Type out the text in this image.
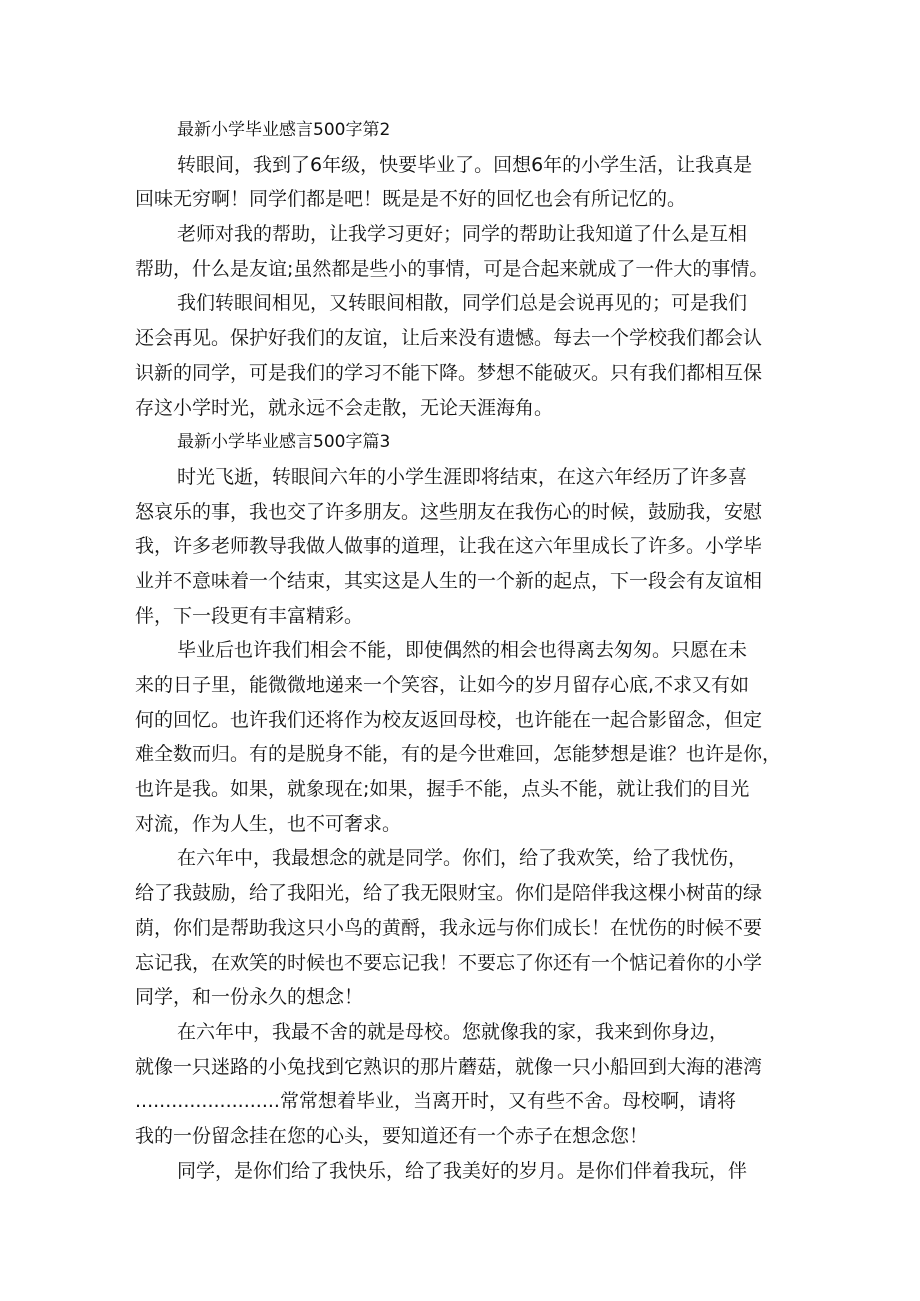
最新小学毕业感言500字第2
转眼间，我到了6年级，快要毕业了。回想6年的小学生活，让我真是
回味无穷啊！同学们都是吧！既是是不好的回忆也会有所记忆的。
老师对我的帮助，让我学习更好；同学的帮助让我知道了什么是互相
帮助，什么是友谊;虽然都是些小的事情，可是合起来就成了一件大的事情。
我们转眼间相见，又转眼间相散，同学们总是会说再见的；可是我们
还会再见。保护好我们的友谊，让后来没有遗憾。每去一个学校我们都会认
识新的同学，可是我们的学习不能下降。梦想不能破灭。只有我们都相互保
存这小学时光，就永远不会走散，无论天涯海角。
最新小学毕业感言500字篇3
时光飞逝，转眼间六年的小学生涯即将结束，在这六年经历了许多喜
怒哀乐的事，我也交了许多朋友。这些朋友在我伤心的时候，鼓励我，安慰
我，许多老师教导我做人做事的道理，让我在这六年里成长了许多。小学毕
业并不意味着一个结束，其实这是人生的一个新的起点，下一段会有友谊相
伴，下一段更有丰富精彩。
毕业后也许我们相会不能，即使偶然的相会也得离去匆匆。只愿在未
来的日子里，能微微地递来一个笑容，让如今的岁月留存心底,不求又有如
何的回忆。也许我们还将作为校友返回母校，也许能在一起合影留念，但定
难全数而归。有的是脱身不能，有的是今世难回，怎能梦想是谁？也许是你，
也许是我。如果，就象现在;如果，握手不能，点头不能，就让我们的目光
对流，作为人生，也不可奢求。
在六年中，我最想念的就是同学。你们，给了我欢笑，给了我忧伤，
给了我鼓励，给了我阳光，给了我无限财宝。你们是陪伴我这棵小树苗的绿
荫，你们是帮助我这只小鸟的黄酹，我永远与你们成长！在忧伤的时候不要
忘记我，在欢笑的时候也不要忘记我！不要忘了你还有一个惦记着你的小学
同学，和一份永久的想念！
在六年中，我最不舍的就是母校。您就像我的家，我来到你身边，
就像一只迷路的小兔找到它熟识的那片蘑菇，就像一只小船回到大海的港湾
........................常常想着毕业，当离开时，又有些不舍。母校啊，请将
我的一份留念挂在您的心头，要知道还有一个赤子在想念您！
同学，是你们给了我快乐，给了我美好的岁月。是你们伴着我玩，伴
